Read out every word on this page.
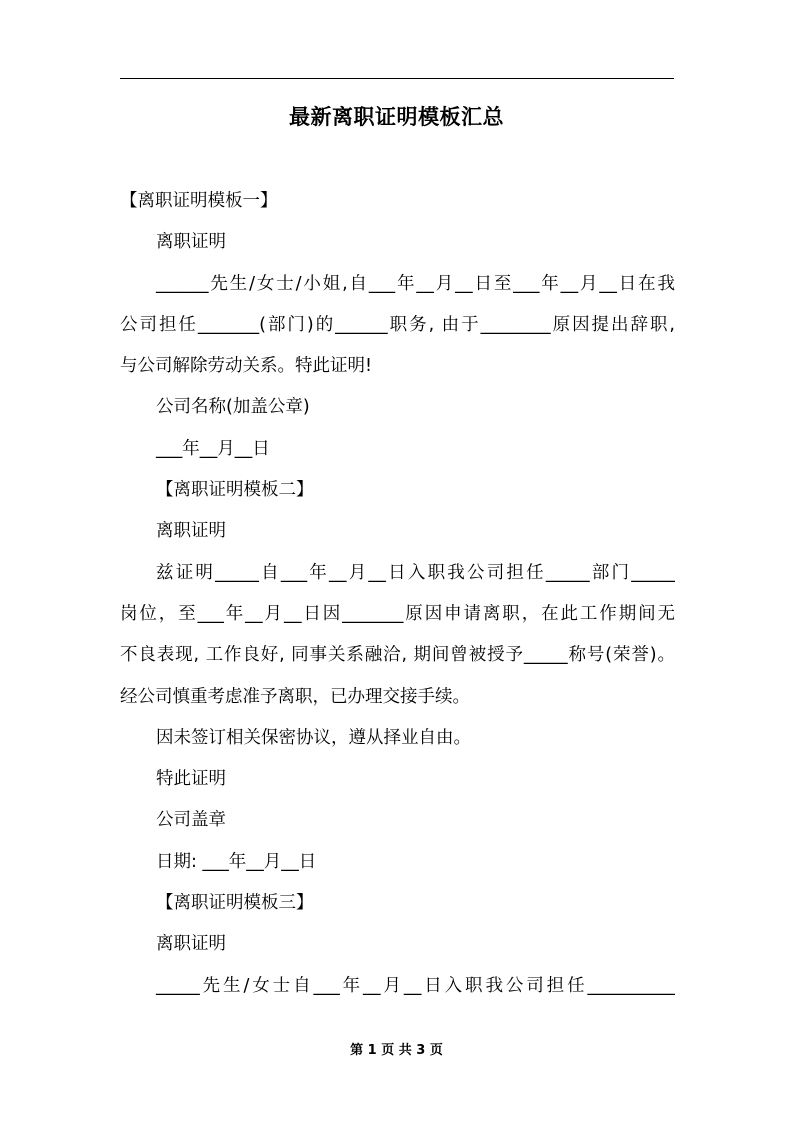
最新离职证明模板汇总
【离职证明模板一】
离职证明
______先生/女士/小姐,自___年__月__日至___年__月__日在我
公司担任_______(部门)的______职务, 由于________原因提出辞职,
与公司解除劳动关系。特此证明!
公司名称(加盖公章)
___年__月__日
【离职证明模板二】
离职证明
兹证明_____自___年__月__日入职我公司担任_____部门_____
岗位，至___年__月__日因_______原因申请离职，在此工作期间无
不良表现, 工作良好, 同事关系融洽, 期间曾被授予_____称号(荣誉)。
经公司慎重考虑准予离职，已办理交接手续。
因未签订相关保密协议，遵从择业自由。
特此证明
公司盖章
日期: ___年__月__日
【离职证明模板三】
离职证明
_____先生/女士自___年__月__日入职我公司担任__________
第 1 页 共 3 页
